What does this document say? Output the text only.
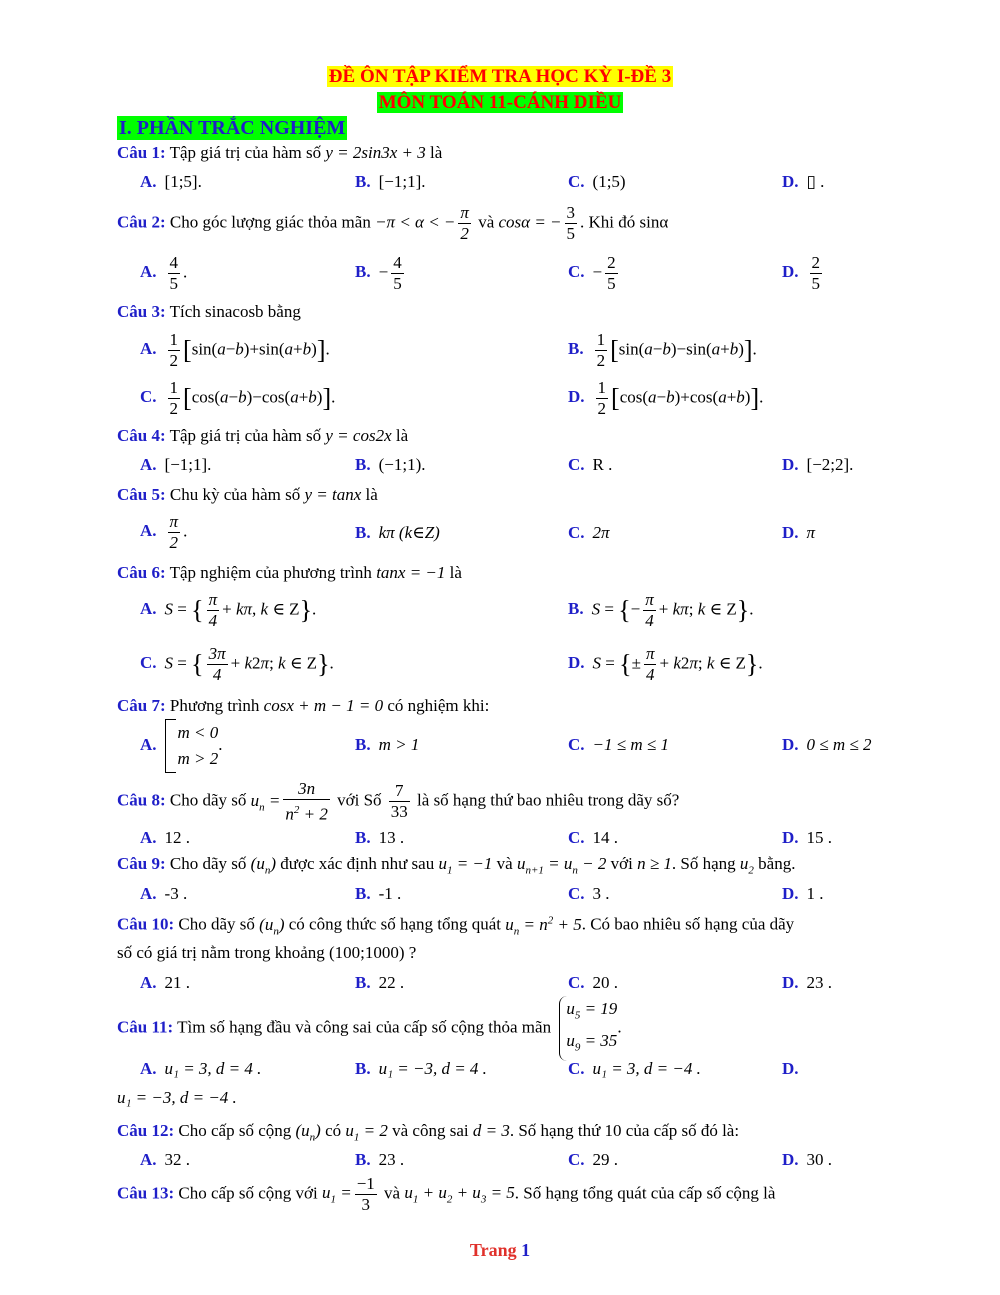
ĐỀ ÔN TẬP KIỂM TRA HỌC KỲ I-ĐỀ 3
MÔN TOÁN 11-CÁNH DIỀU
I. PHẦN TRẮC NGHIỆM
Câu 1: Tập giá trị của hàm số y = 2sin3x + 3 là
A. [1;5].	B. [−1;1].	C. (1;5)	D. ▯ .
Câu 2: Cho góc lượng giác thỏa mãn −π < α < − $\frac{\pi}{2}$ và cosα = − $\frac{3}{5}$ . Khi đó sinα
A. $\frac{4}{5}$ .	B. − $\frac{4}{5}$	C. − $\frac{2}{5}$	D. $\frac{2}{5}$
Câu 3: Tích sinacosb bằng
A. $\frac{1}{2} [\sin(a-b)+\sin(a+b)]$.	B. $\frac{1}{2} [\sin(a-b)-\sin(a+b)]$.
C. $\frac{1}{2} [\cos(a-b)-\cos(a+b)]$.	D. $\frac{1}{2} [\cos(a-b)+\cos(a+b)]$.
Câu 4: Tập giá trị của hàm số y = cos2x là
A. [−1;1].	B. (−1;1).	C. R .	D. [−2;2].
Câu 5: Chu kỳ của hàm số y = tanx là
A. $\frac{\pi}{2}$ .	B. kπ (k∈Z)	C. 2π	D. π
Câu 6: Tập nghiệm của phương trình tanx = −1 là
A. S = { $\frac{\pi}{4} + k\pi$, k ∈ Z}.	B. S = {− $\frac{\pi}{4} + k\pi$; k ∈ Z}.
C. S = { $\frac{3\pi}{4} + k2\pi$; k ∈ Z}.	D. S = {± $\frac{\pi}{4} + k2\pi$; k ∈ Z}.
Câu 7: Phương trình cosx + m − 1 = 0 có nghiệm khi:
A.m < 0
m > 2.	B. m > 1	C. −1 ≤ m ≤ 1	D. 0 ≤ m ≤ 2
Câu 8: Cho dãy số $u_n = \frac{3n}{n^2 + 2}$ với Số $\frac{7}{33}$ là số hạng thứ bao nhiêu trong dãy số?
A. 12 .	B. 13 .	C. 14 .	D. 15 .
Câu 9: Cho dãy số $(u_n)$ được xác định như sau $u_1 = -1$ và $u_{n+1} = u_n - 2$ với n ≥ 1. Số hạng $u_2$ bằng.
A. -3 .	B. -1 .	C. 3 .	D. 1 .
Câu 10: Cho dãy số $(u_n)$ có công thức số hạng tổng quát $u_n = n^2 + 5$. Có bao nhiêu số hạng của dãy
số có giá trị nằm trong khoảng (100;1000) ?
A. 21 .	B. 22 .	C. 20 .	D. 23 .
Câu 11: Tìm số hạng đầu và công sai của cấp số cộng thỏa mãn $u_5 = 19$
$u_9 = 35$.
A. u₁ = 3, d = 4 .	B. u₁ = −3, d = 4 .	C. u₁ = 3, d = −4 .	D.
u₁ = −3, d = −4 .
Câu 12: Cho cấp số cộng $(u_n)$ có $u_1 = 2$ và công sai d = 3. Số hạng thứ 10 của cấp số đó là:
A. 32 .	B. 23 .	C. 29 .	D. 30 .
Câu 13: Cho cấp số cộng với $u_1 = \frac{-1}{3}$ và $u_1 + u_2 + u_3 = 5$. Số hạng tổng quát của cấp số cộng là
Trang 1
